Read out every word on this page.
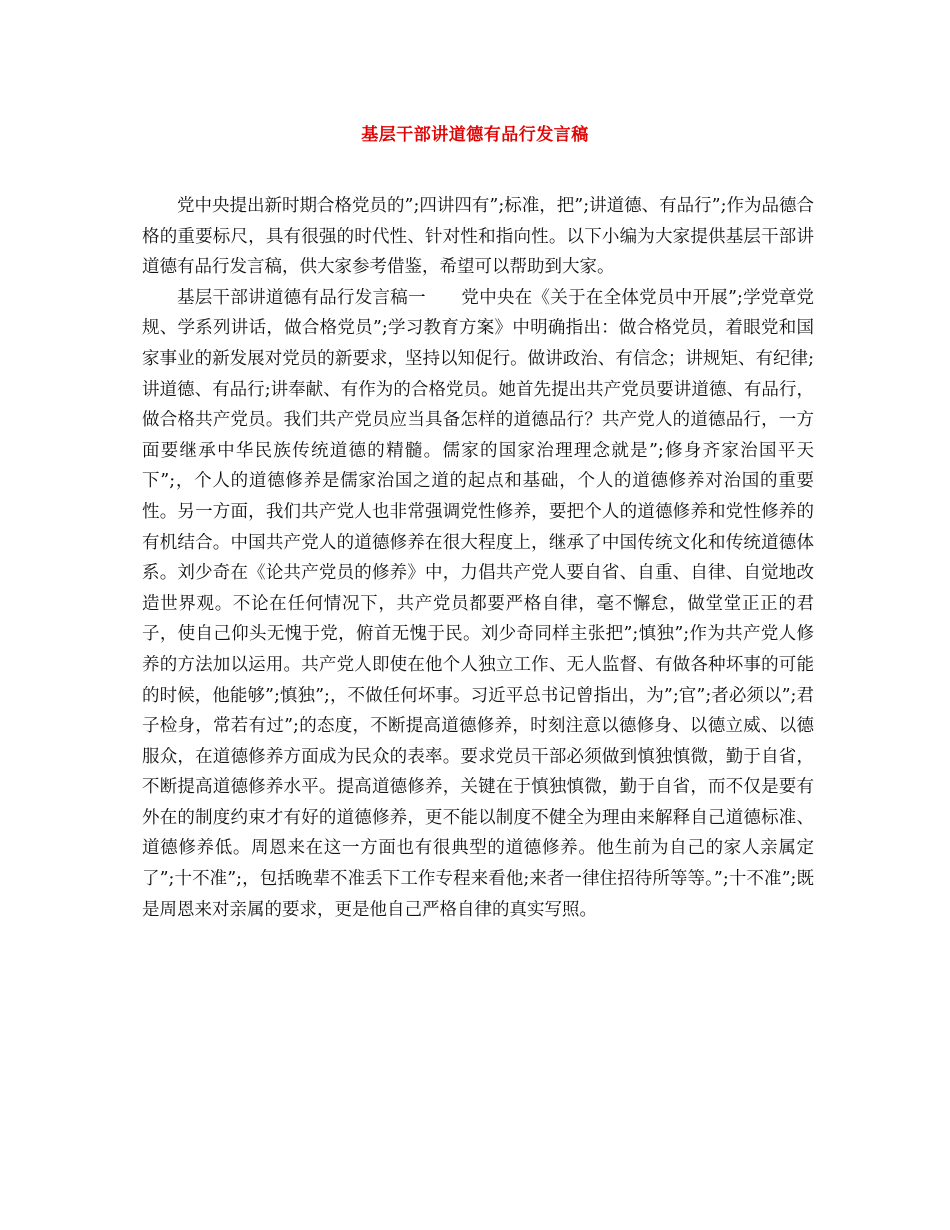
基层干部讲道德有品行发言稿

党中央提出新时期合格党员的”;四讲四有”;标准，把”;讲道德、有品行”;作为品德合格的重要标尺，具有很强的时代性、针对性和指向性。以下小编为大家提供基层干部讲道德有品行发言稿，供大家参考借鉴，希望可以帮助到大家。

基层干部讲道德有品行发言稿一　　党中央在《关于在全体党员中开展”;学党章党规、学系列讲话，做合格党员”;学习教育方案》中明确指出：做合格党员，着眼党和国家事业的新发展对党员的新要求，坚持以知促行。做讲政治、有信念；讲规矩、有纪律;讲道德、有品行;讲奉献、有作为的合格党员。她首先提出共产党员要讲道德、有品行，做合格共产党员。我们共产党员应当具备怎样的道德品行？共产党人的道德品行，一方面要继承中华民族传统道德的精髓。儒家的国家治理理念就是”;修身齐家治国平天下”;，个人的道德修养是儒家治国之道的起点和基础，个人的道德修养对治国的重要性。另一方面，我们共产党人也非常强调党性修养，要把个人的道德修养和党性修养的有机结合。中国共产党人的道德修养在很大程度上，继承了中国传统文化和传统道德体系。刘少奇在《论共产党员的修养》中，力倡共产党人要自省、自重、自律、自觉地改造世界观。不论在任何情况下，共产党员都要严格自律，毫不懈怠，做堂堂正正的君子，使自己仰头无愧于党，俯首无愧于民。刘少奇同样主张把”;慎独”;作为共产党人修养的方法加以运用。共产党人即使在他个人独立工作、无人监督、有做各种坏事的可能的时候，他能够”;慎独”;，不做任何坏事。习近平总书记曾指出，为”;官”;者必须以”;君子检身，常若有过”;的态度，不断提高道德修养，时刻注意以德修身、以德立威、以德服众，在道德修养方面成为民众的表率。要求党员干部必须做到慎独慎微，勤于自省，不断提高道德修养水平。提高道德修养，关键在于慎独慎微，勤于自省，而不仅是要有外在的制度约束才有好的道德修养，更不能以制度不健全为理由来解释自己道德标准、道德修养低。周恩来在这一方面也有很典型的道德修养。他生前为自己的家人亲属定了”;十不准”;，包括晚辈不准丢下工作专程来看他;来者一律住招待所等等。”;十不准”;既是周恩来对亲属的要求，更是他自己严格自律的真实写照。
